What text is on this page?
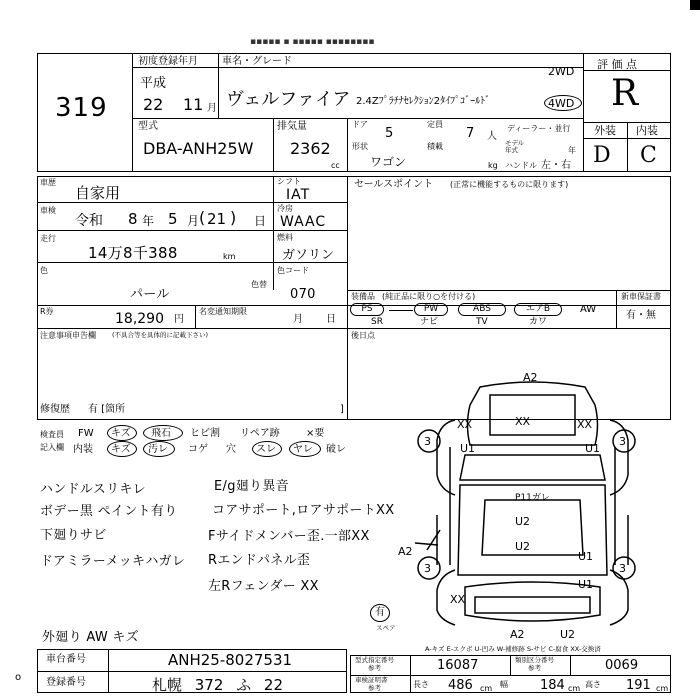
▪▪▪▪▪ ▪ ▪▪▪▪▪ ▪▪▪▪▪▪▪▪
319
初度登録年月
平成
22 11 月
車名・グレード
ヴェルファイア 2.4Zﾌﾟﾗﾁﾅｾﾚｸｼｮﾝ2ﾀｲﾌﾟｺﾞｰﾙﾄﾞ
2WD
4WD
評 価 点
R
外装 内装
D C
型式
DBA-ANH25W
排気量
2362
cc
ドア
5
定員
7 人
ディーラー・並行
モデル年式	年
形状
ワゴン
積載
kg ハンドル 左・右
車歴
自家用
シフト
IAT
セールスポイント (正常に機能するものに限ります)
車検
令和 8 年 5 月 21 日
( )	冷房
WAAC
走行
14万8千388	km
燃料
ガソリン
色
パール
色替
色コード
070
R券	18,290 円
名変通知期限
月 日
装備品 (純正品に限り○を付ける)
PS	PW	ABS	エアB	AW
SR	ナビ	TV	カワ
新車保証書
有・無
注意事項申告欄 (不具合等を具体的に記載下さい)	後日点
修復歴 有 [箇所	]
検査員
記入欄
FW キズ 飛石 ヒビ割 リペア跡	×要
内装 キズ 汚レ コゲ 穴 スレ ヤレ 破レ
ハンドルスリキレ
ボデー黒 ペイント有り
下廻りサビ
ドアミラーメッキハガレ
E/g廻り異音
コアサポート,ロアサポートXX
Fサイドメンバー歪.一部XX
Rエンドパネル歪
左Rフェンダー XX
外廻り AW キズ
A2
XX
XX	XX
U1	U1
3	3
3	3
P11ガレ
U2
U2
A2	U1
U1
XX
A2	U2
有
スペア
A-キズ E-エクボ U-凹み W-補修跡 S-サビ C-腐食 XX-交換済
車台番号	ANH25-8027531
登録番号	札幌 372 ふ 22
型式指定番号
参考	16087	類別区分番号
参考	0069
車検証明書
参考	長さ 486 cm 幅 184 cm 高さ 191 cm
o
